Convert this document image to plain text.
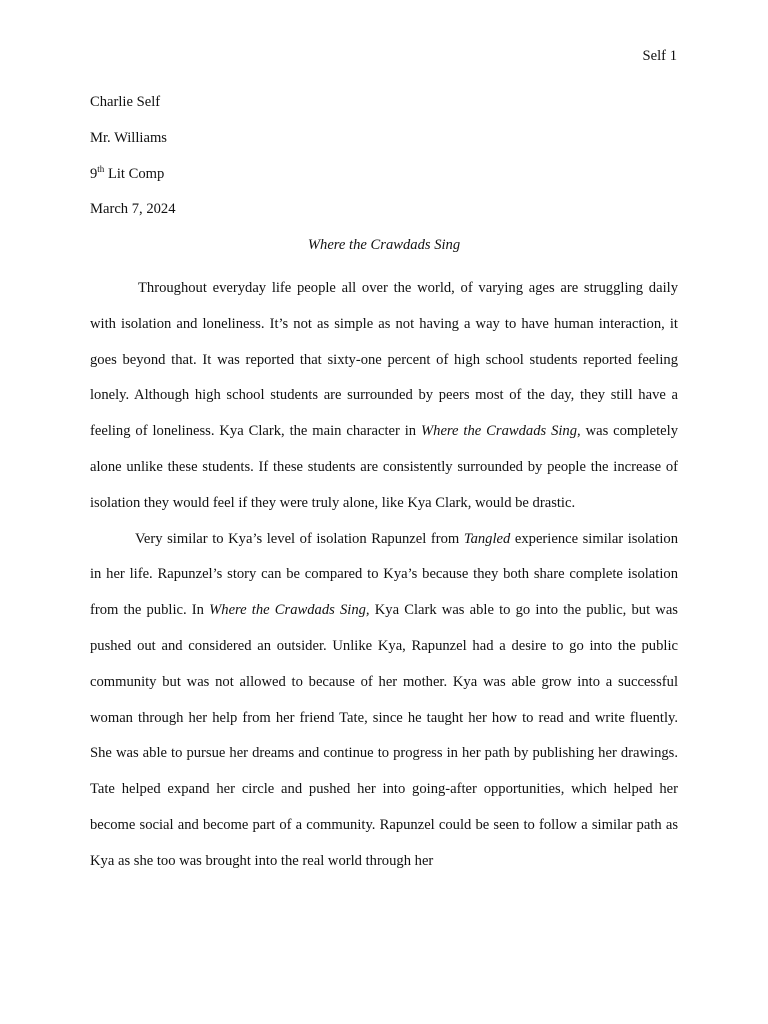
Self 1
Charlie Self
Mr. Williams
9th Lit Comp
March 7, 2024
Where the Crawdads Sing

Throughout everyday life people all over the world, of varying ages are struggling daily with isolation and loneliness. It’s not as simple as not having a way to have human interaction, it goes beyond that. It was reported that sixty-one percent of high school students reported feeling lonely. Although high school students are surrounded by peers most of the day, they still have a feeling of loneliness. Kya Clark, the main character in Where the Crawdads Sing, was completely alone unlike these students. If these students are consistently surrounded by people the increase of isolation they would feel if they were truly alone, like Kya Clark, would be drastic.

Very similar to Kya’s level of isolation Rapunzel from Tangled experience similar isolation in her life. Rapunzel’s story can be compared to Kya’s because they both share complete isolation from the public. In Where the Crawdads Sing, Kya Clark was able to go into the public, but was pushed out and considered an outsider. Unlike Kya, Rapunzel had a desire to go into the public community but was not allowed to because of her mother. Kya was able grow into a successful woman through her help from her friend Tate, since he taught her how to read and write fluently. She was able to pursue her dreams and continue to progress in her path by publishing her drawings. Tate helped expand her circle and pushed her into going-after opportunities, which helped her become social and become part of a community. Rapunzel could be seen to follow a similar path as Kya as she too was brought into the real world through her
